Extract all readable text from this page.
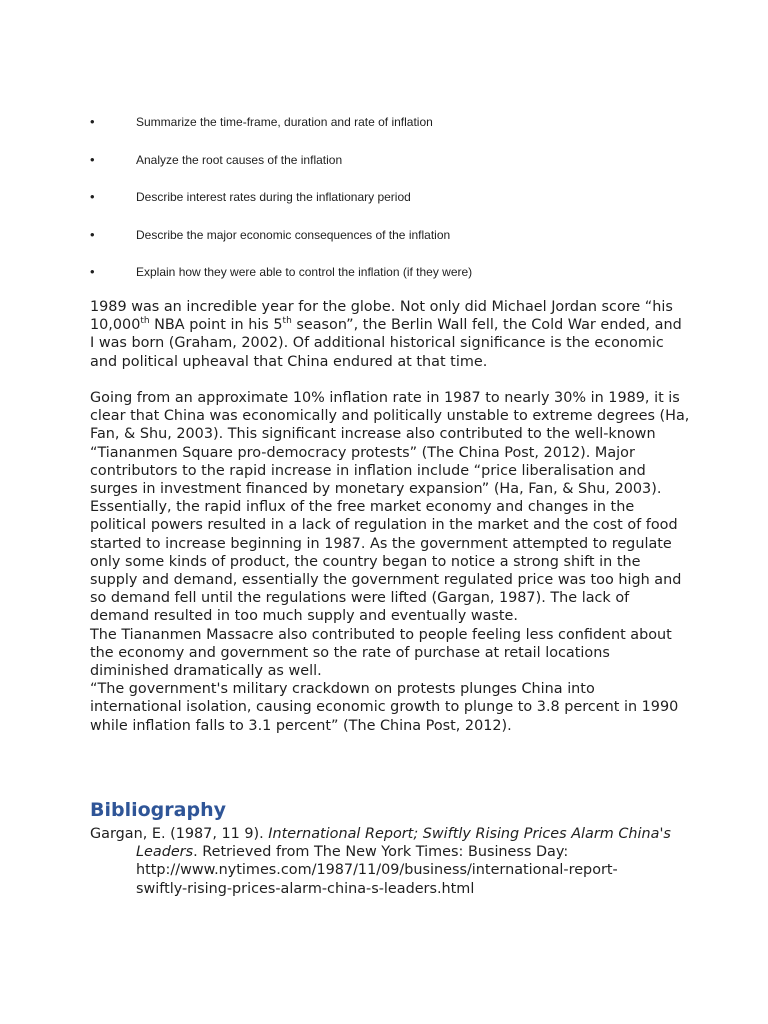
•	Summarize the time-frame, duration and rate of inflation
•	Analyze the root causes of the inflation
•	Describe interest rates during the inflationary period
•	Describe the major economic consequences of the inflation
•	Explain how they were able to control the inflation (if they were)

1989 was an incredible year for the globe. Not only did Michael Jordan score “his 10,000th NBA point in his 5th season”, the Berlin Wall fell, the Cold War ended, and I was born (Graham, 2002). Of additional historical significance is the economic and political upheaval that China endured at that time.

Going from an approximate 10% inflation rate in 1987 to nearly 30% in 1989, it is clear that China was economically and politically unstable to extreme degrees (Ha, Fan, & Shu, 2003). This significant increase also contributed to the well-known “Tiananmen Square pro-democracy protests” (The China Post, 2012). Major contributors to the rapid increase in inflation include “price liberalisation and surges in investment financed by monetary expansion” (Ha, Fan, & Shu, 2003). Essentially, the rapid influx of the free market economy and changes in the political powers resulted in a lack of regulation in the market and the cost of food started to increase beginning in 1987. As the government attempted to regulate only some kinds of product, the country began to notice a strong shift in the supply and demand, essentially the government regulated price was too high and so demand fell until the regulations were lifted (Gargan, 1987). The lack of demand resulted in too much supply and eventually waste.
The Tiananmen Massacre also contributed to people feeling less confident about the economy and government so the rate of purchase at retail locations diminished dramatically as well.
“The government's military crackdown on protests plunges China into international isolation, causing economic growth to plunge to 3.8 percent in 1990 while inflation falls to 3.1 percent” (The China Post, 2012).
Bibliography

Gargan, E. (1987, 11 9). International Report; Swiftly Rising Prices Alarm China's Leaders. Retrieved from The New York Times: Business Day: http://www.nytimes.com/1987/11/09/business/international-report- swiftly-rising-prices-alarm-china-s-leaders.html
